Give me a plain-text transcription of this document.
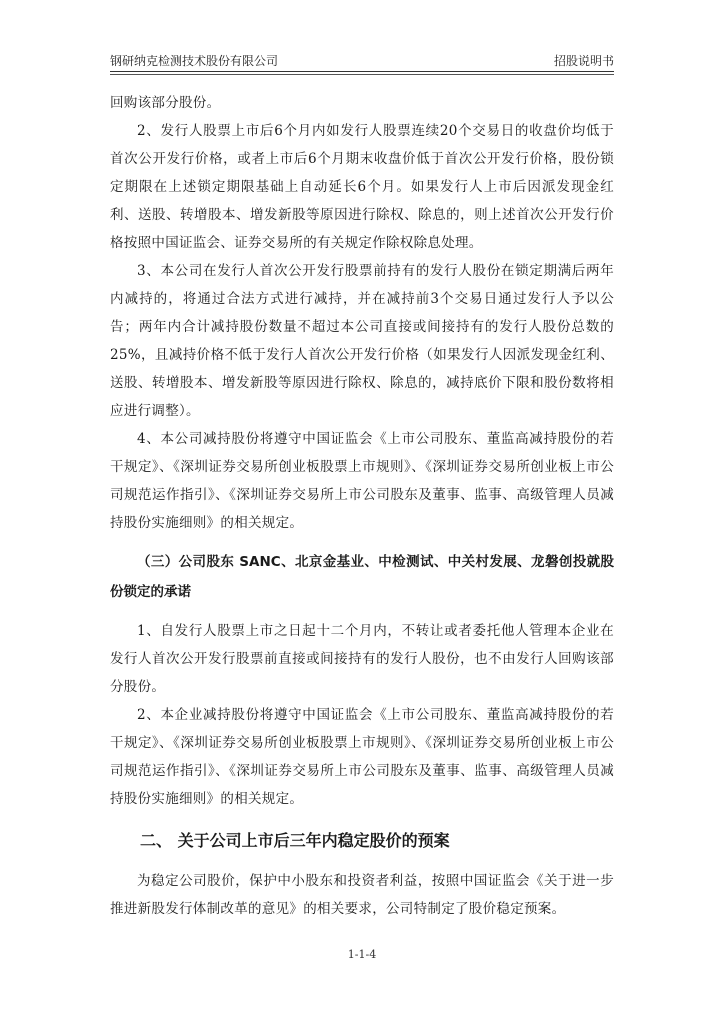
钢研纳克检测技术股份有限公司	招股说明书

回购该部分股份。

2、发行人股票上市后6个月内如发行人股票连续20个交易日的收盘价均低于首次公开发行价格，或者上市后6个月期末收盘价低于首次公开发行价格，股份锁定期限在上述锁定期限基础上自动延长6个月。如果发行人上市后因派发现金红利、送股、转增股本、增发新股等原因进行除权、除息的，则上述首次公开发行价格按照中国证监会、证券交易所的有关规定作除权除息处理。

3、本公司在发行人首次公开发行股票前持有的发行人股份在锁定期满后两年内减持的，将通过合法方式进行减持，并在减持前3个交易日通过发行人予以公告；两年内合计减持股份数量不超过本公司直接或间接持有的发行人股份总数的25%，且减持价格不低于发行人首次公开发行价格（如果发行人因派发现金红利、送股、转增股本、增发新股等原因进行除权、除息的，减持底价下限和股份数将相应进行调整）。

4、本公司减持股份将遵守中国证监会《上市公司股东、董监高减持股份的若干规定》、《深圳证券交易所创业板股票上市规则》、《深圳证券交易所创业板上市公司规范运作指引》、《深圳证券交易所上市公司股东及董事、监事、高级管理人员减持股份实施细则》的相关规定。

（三）公司股东 SANC、北京金基业、中检测试、中关村发展、龙磐创投就股份锁定的承诺

1、自发行人股票上市之日起十二个月内，不转让或者委托他人管理本企业在发行人首次公开发行股票前直接或间接持有的发行人股份，也不由发行人回购该部分股份。

2、本企业减持股份将遵守中国证监会《上市公司股东、董监高减持股份的若干规定》、《深圳证券交易所创业板股票上市规则》、《深圳证券交易所创业板上市公司规范运作指引》、《深圳证券交易所上市公司股东及董事、监事、高级管理人员减持股份实施细则》的相关规定。

二、 关于公司上市后三年内稳定股价的预案

为稳定公司股价，保护中小股东和投资者利益，按照中国证监会《关于进一步推进新股发行体制改革的意见》的相关要求，公司特制定了股价稳定预案。

1-1-4
